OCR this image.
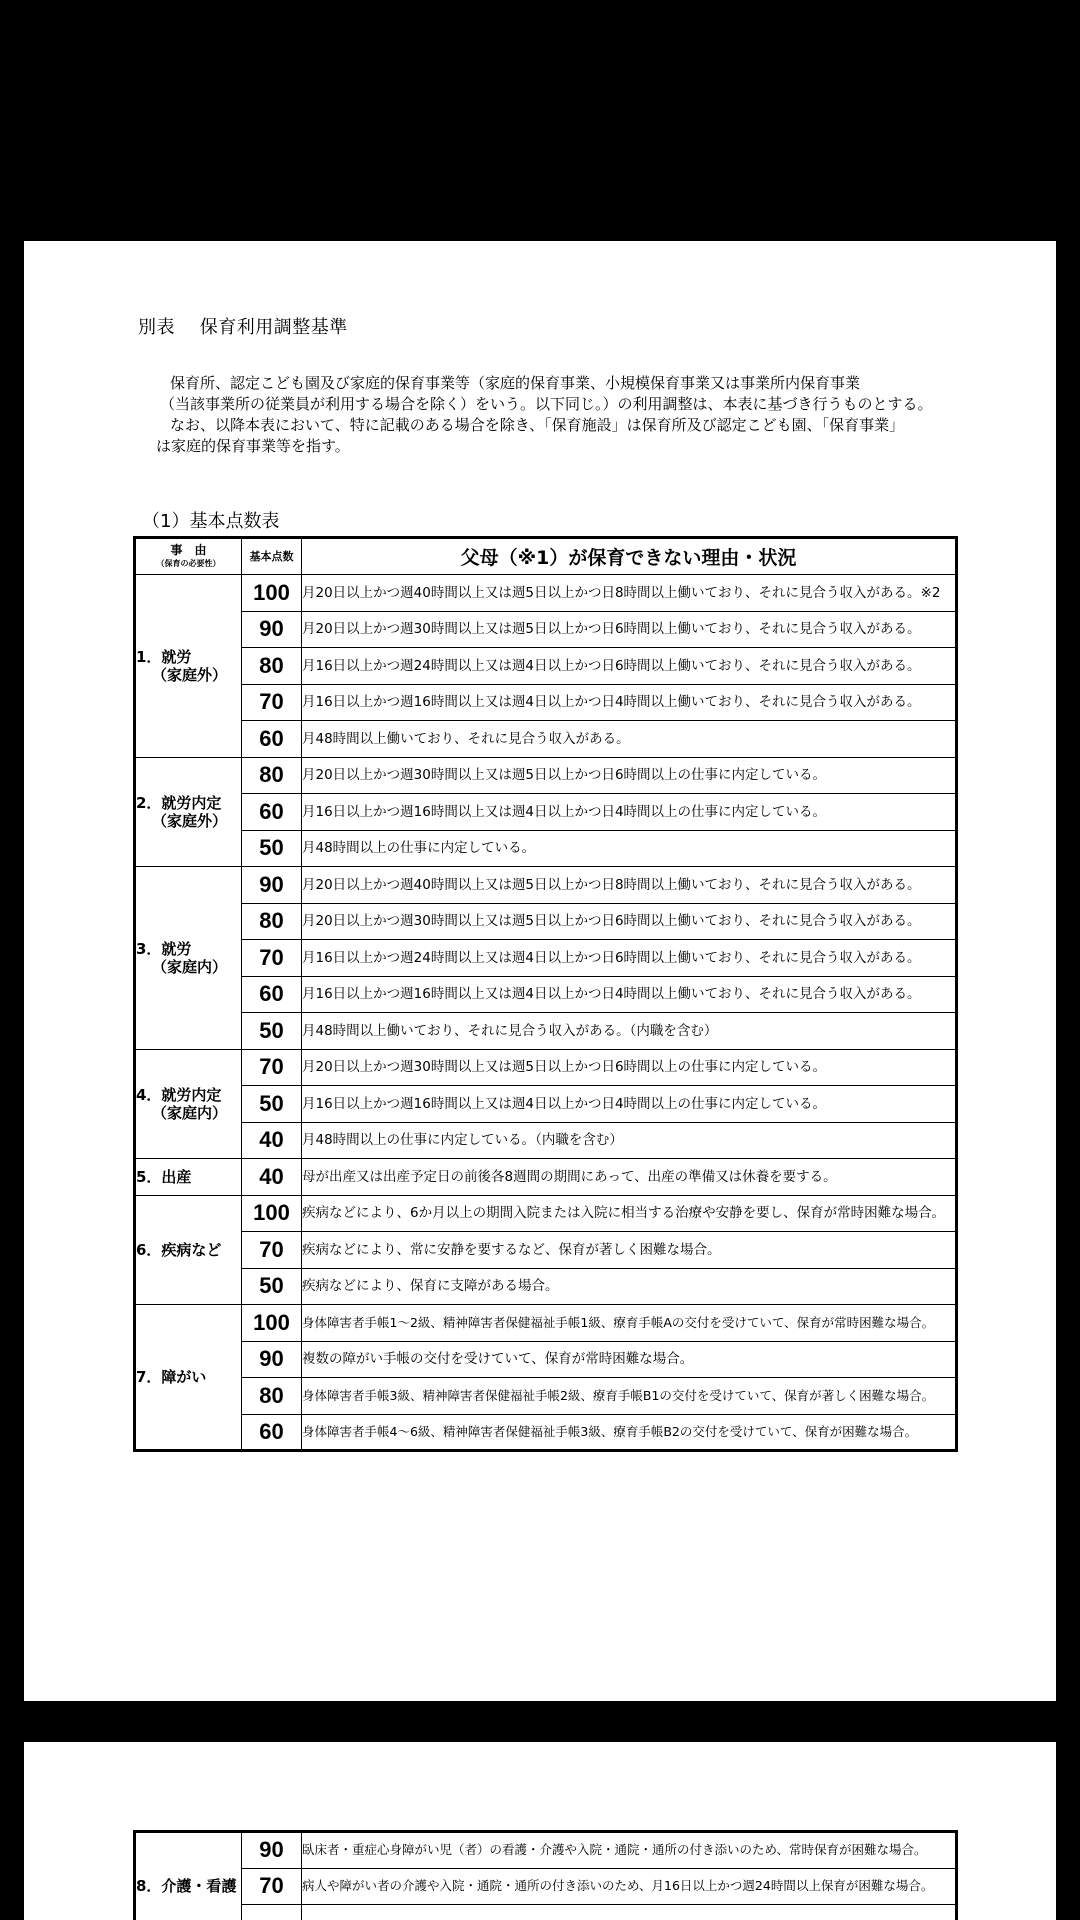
別表　 保育利用調整基準

保育所、認定こども園及び家庭的保育事業等（家庭的保育事業、小規模保育事業又は事業所内保育事業

（当該事業所の従業員が利用する場合を除く）をいう。以下同じ。）の利用調整は、本表に基づき行うものとする。

なお、以降本表において、特に記載のある場合を除き、「保育施設」は保育所及び認定こども園、「保育事業」

は家庭的保育事業等を指す。

（1）基本点数表
事　由
（保育の必要性）	基本点数	父母（※1）が保育できない理由・状況
1．就労
（家庭外）	100	月20日以上かつ週40時間以上又は週5日以上かつ日8時間以上働いており、それに見合う収入がある。※2
	90	月20日以上かつ週30時間以上又は週5日以上かつ日6時間以上働いており、それに見合う収入がある。
	80	月16日以上かつ週24時間以上又は週4日以上かつ日6時間以上働いており、それに見合う収入がある。
	70	月16日以上かつ週16時間以上又は週4日以上かつ日4時間以上働いており、それに見合う収入がある。
	60	月48時間以上働いており、それに見合う収入がある。
2．就労内定
（家庭外）	80	月20日以上かつ週30時間以上又は週5日以上かつ日6時間以上の仕事に内定している。
	60	月16日以上かつ週16時間以上又は週4日以上かつ日4時間以上の仕事に内定している。
	50	月48時間以上の仕事に内定している。
3．就労
（家庭内）	90	月20日以上かつ週40時間以上又は週5日以上かつ日8時間以上働いており、それに見合う収入がある。
	80	月20日以上かつ週30時間以上又は週5日以上かつ日6時間以上働いており、それに見合う収入がある。
	70	月16日以上かつ週24時間以上又は週4日以上かつ日6時間以上働いており、それに見合う収入がある。
	60	月16日以上かつ週16時間以上又は週4日以上かつ日4時間以上働いており、それに見合う収入がある。
	50	月48時間以上働いており、それに見合う収入がある。（内職を含む）
4．就労内定
（家庭内）	70	月20日以上かつ週30時間以上又は週5日以上かつ日6時間以上の仕事に内定している。
	50	月16日以上かつ週16時間以上又は週4日以上かつ日4時間以上の仕事に内定している。
	40	月48時間以上の仕事に内定している。（内職を含む）
5．出産	40	母が出産又は出産予定日の前後各8週間の期間にあって、出産の準備又は休養を要する。
6．疾病など	100	疾病などにより、6か月以上の期間入院または入院に相当する治療や安静を要し、保育が常時困難な場合。
	70	疾病などにより、常に安静を要するなど、保育が著しく困難な場合。
	50	疾病などにより、保育に支障がある場合。
7．障がい	100	身体障害者手帳1～2級、精神障害者保健福祉手帳1級、療育手帳Aの交付を受けていて、保育が常時困難な場合。
	90	複数の障がい手帳の交付を受けていて、保育が常時困難な場合。
	80	身体障害者手帳3級、精神障害者保健福祉手帳2級、療育手帳B1の交付を受けていて、保育が著しく困難な場合。
	60	身体障害者手帳4～6級、精神障害者保健福祉手帳3級、療育手帳B2の交付を受けていて、保育が困難な場合。
8．介護・看護	90	臥床者・重症心身障がい児（者）の看護・介護や入院・通院・通所の付き添いのため、常時保育が困難な場合。
	70	病人や障がい者の介護や入院・通院・通所の付き添いのため、月16日以上かつ週24時間以上保育が困難な場合。
